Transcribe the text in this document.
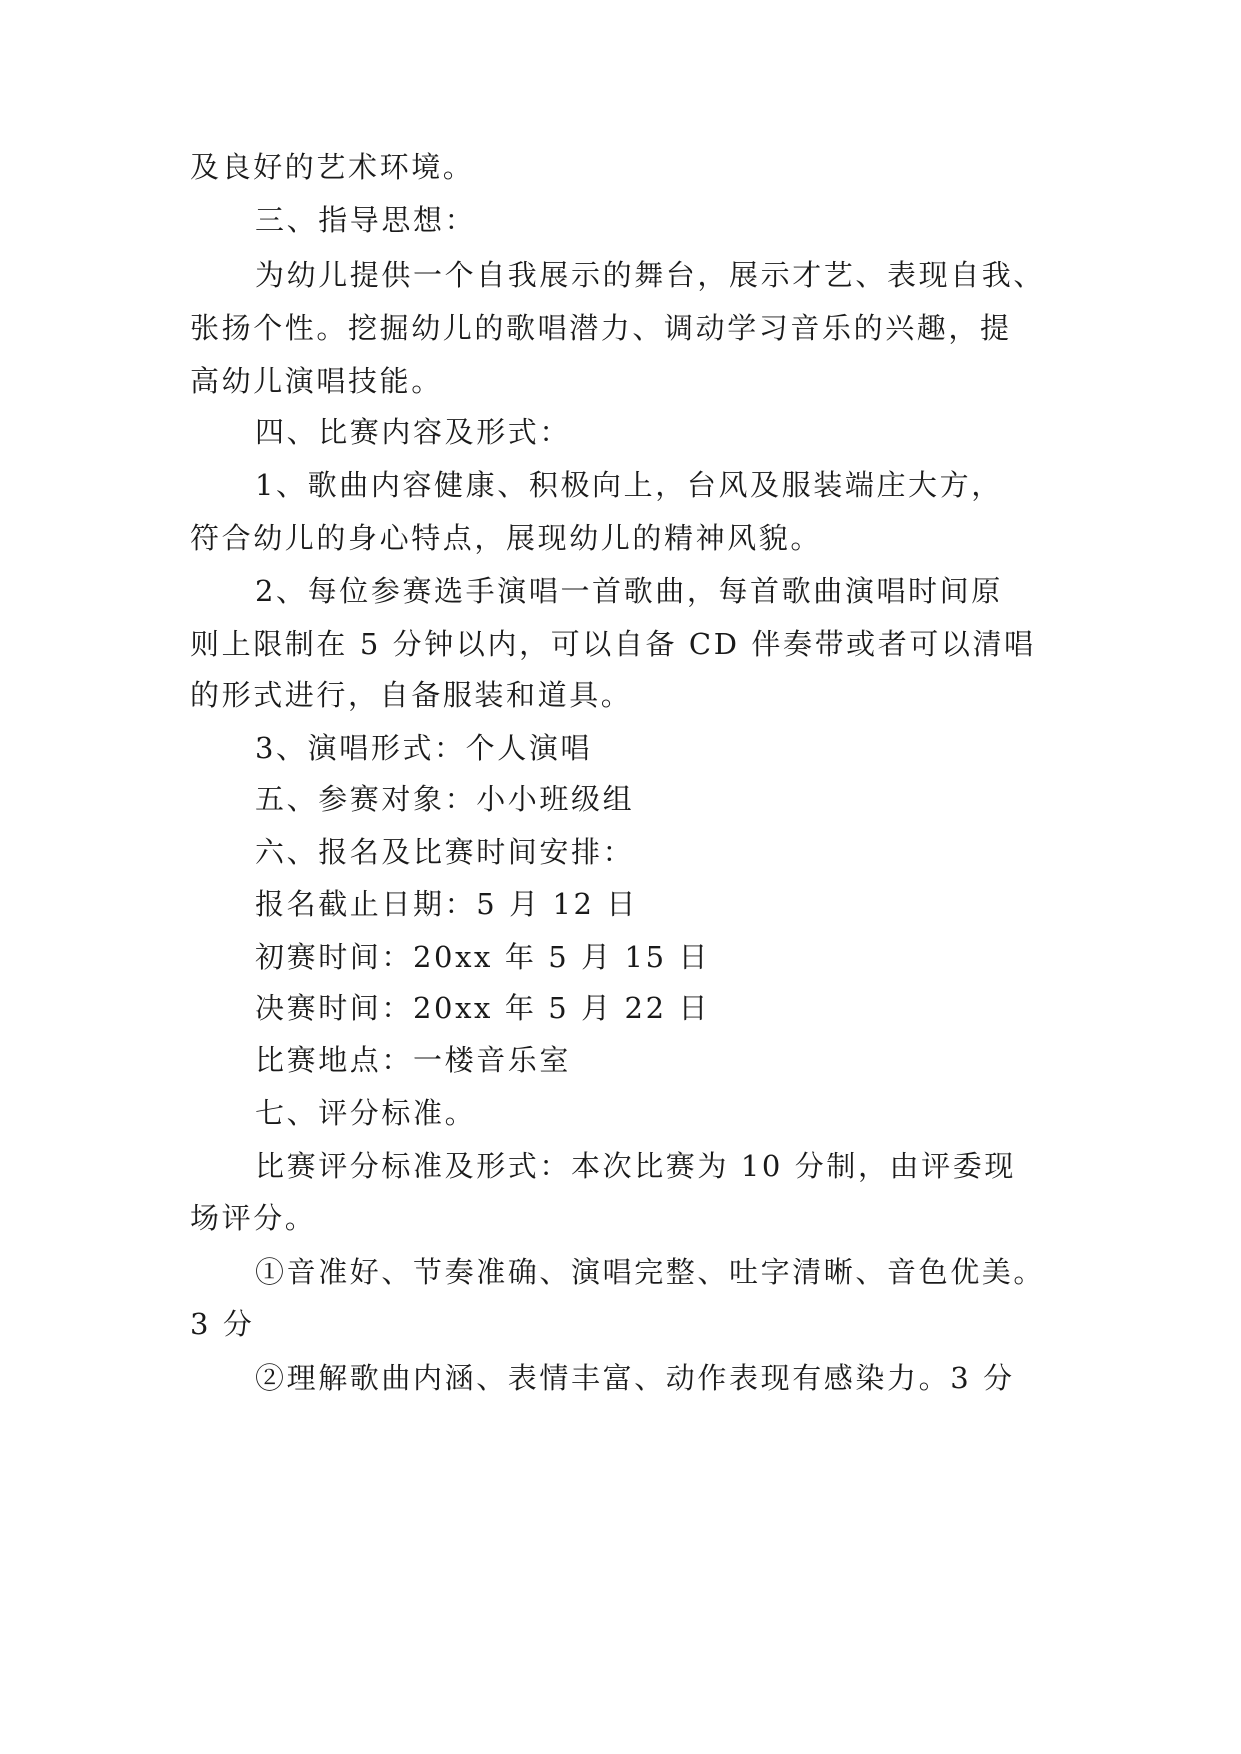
及良好的艺术环境。
三、指导思想：
为幼儿提供一个自我展示的舞台，展示才艺、表现自我、
张扬个性。挖掘幼儿的歌唱潜力、调动学习音乐的兴趣，提
高幼儿演唱技能。
四、比赛内容及形式：
1、歌曲内容健康、积极向上，台风及服装端庄大方，
符合幼儿的身心特点，展现幼儿的精神风貌。
2、每位参赛选手演唱一首歌曲，每首歌曲演唱时间原
则上限制在 5 分钟以内，可以自备 CD 伴奏带或者可以清唱
的形式进行，自备服装和道具。
3、演唱形式：个人演唱
五、参赛对象：小小班级组
六、报名及比赛时间安排：
报名截止日期：5 月 12 日
初赛时间：20xx 年 5 月 15 日
决赛时间：20xx 年 5 月 22 日
比赛地点：一楼音乐室
七、评分标准。
比赛评分标准及形式：本次比赛为 10 分制，由评委现
场评分。
①音准好、节奏准确、演唱完整、吐字清晰、音色优美。
3 分
②理解歌曲内涵、表情丰富、动作表现有感染力。3 分
